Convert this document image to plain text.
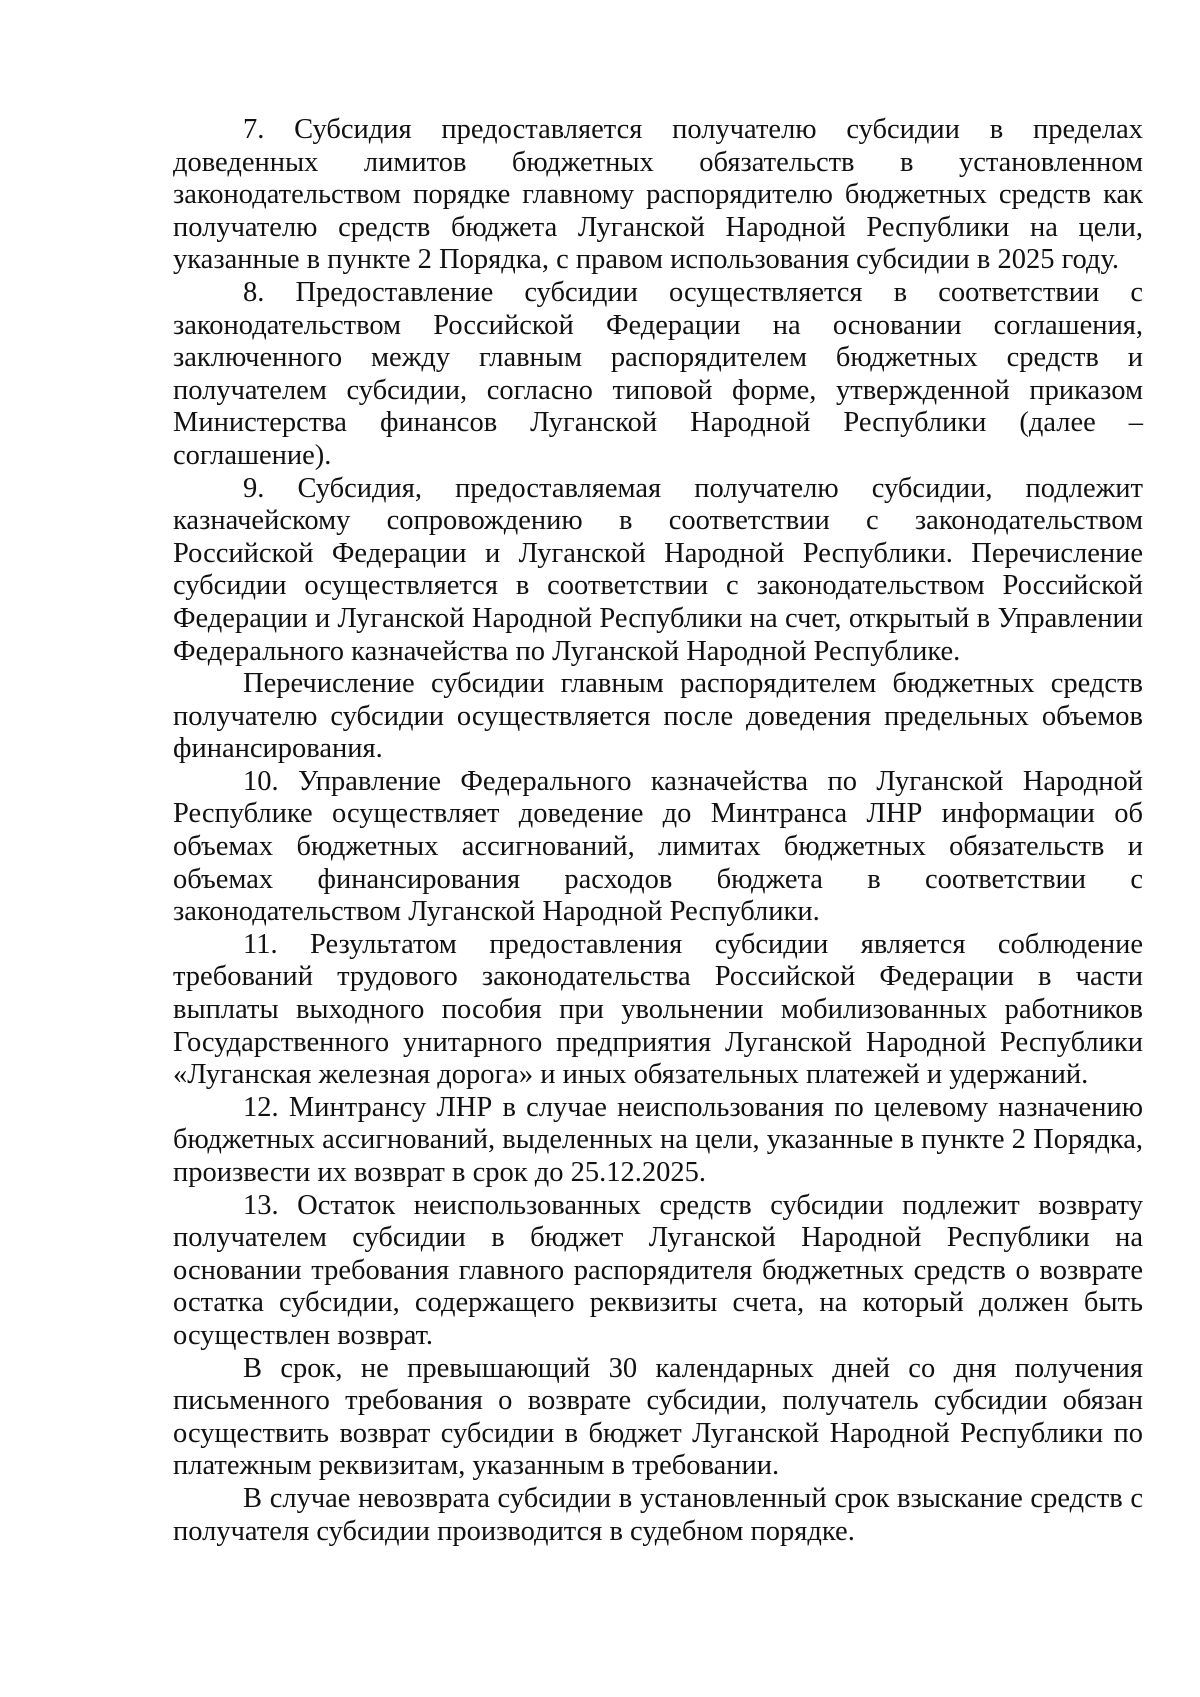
7. Субсидия предоставляется получателю субсидии в пределах доведенных лимитов бюджетных обязательств в установленном законодательством порядке главному распорядителю бюджетных средств как получателю средств бюджета Луганской Народной Республики на цели, указанные в пункте 2 Порядка, с правом использования субсидии в 2025 году.

8. Предоставление субсидии осуществляется в соответствии с законодательством Российской Федерации на основании соглашения, заключенного между главным распорядителем бюджетных средств и получателем субсидии, согласно типовой форме, утвержденной приказом Министерства финансов Луганской Народной Республики (далее – соглашение).

9. Субсидия, предоставляемая получателю субсидии, подлежит казначейскому сопровождению в соответствии с законодательством Российской Федерации и Луганской Народной Республики. Перечисление субсидии осуществляется в соответствии с законодательством Российской Федерации и Луганской Народной Республики на счет, открытый в Управлении Федерального казначейства по Луганской Народной Республике.

Перечисление субсидии главным распорядителем бюджетных средств получателю субсидии осуществляется после доведения предельных объемов финансирования.

10. Управление Федерального казначейства по Луганской Народной Республике осуществляет доведение до Минтранса ЛНР информации об объемах бюджетных ассигнований, лимитах бюджетных обязательств и объемах финансирования расходов бюджета в соответствии с законодательством Луганской Народной Республики.

11. Результатом предоставления субсидии является соблюдение требований трудового законодательства Российской Федерации в части выплаты выходного пособия при увольнении мобилизованных работников Государственного унитарного предприятия Луганской Народной Республики «Луганская железная дорога» и иных обязательных платежей и удержаний.

12. Минтрансу ЛНР в случае неиспользования по целевому назначению бюджетных ассигнований, выделенных на цели, указанные в пункте 2 Порядка, произвести их возврат в срок до 25.12.2025.

13. Остаток неиспользованных средств субсидии подлежит возврату получателем субсидии в бюджет Луганской Народной Республики на основании требования главного распорядителя бюджетных средств о возврате остатка субсидии, содержащего реквизиты счета, на который должен быть осуществлен возврат.

В срок, не превышающий 30 календарных дней со дня получения письменного требования о возврате субсидии, получатель субсидии обязан осуществить возврат субсидии в бюджет Луганской Народной Республики по платежным реквизитам, указанным в требовании.

В случае невозврата субсидии в установленный срок взыскание средств с получателя субсидии производится в судебном порядке.
